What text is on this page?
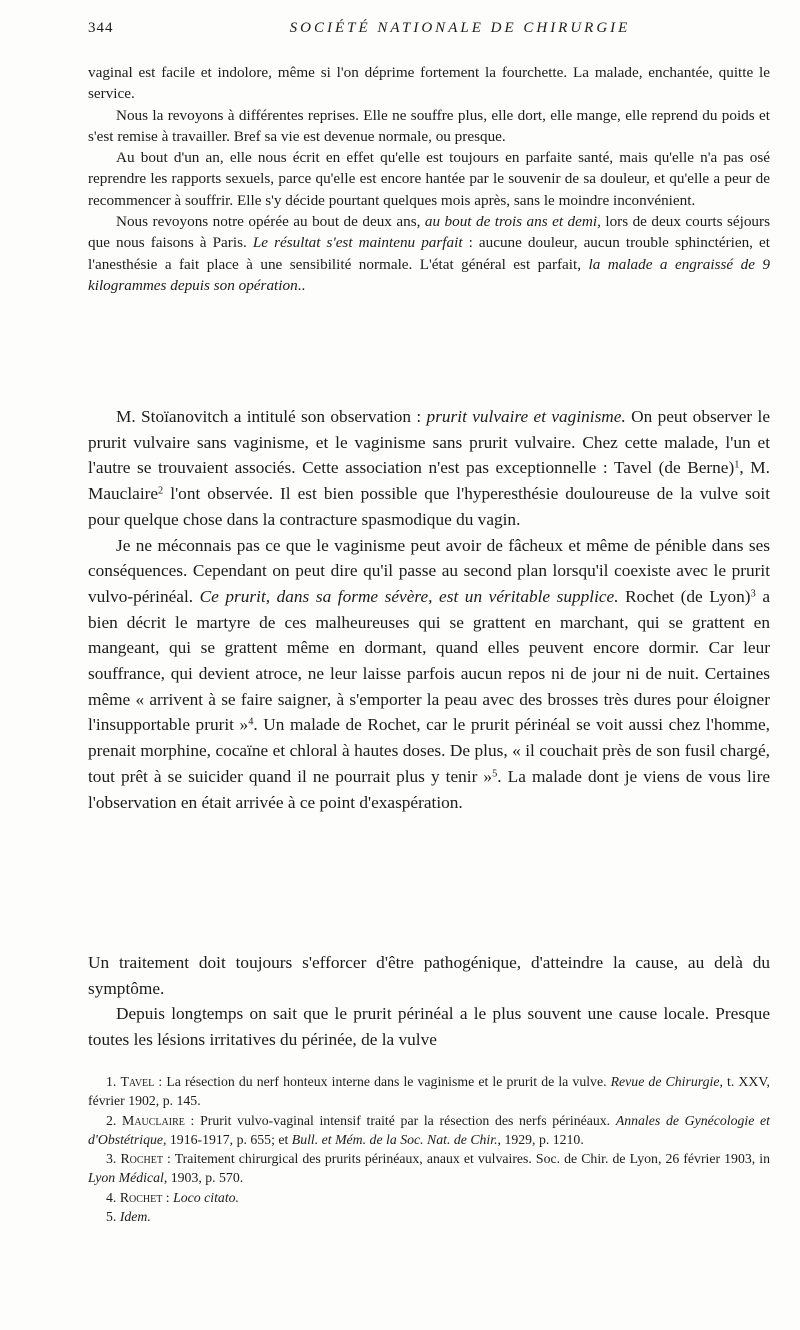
344	SOCIÉTÉ NATIONALE DE CHIRURGIE

vaginal est facile et indolore, même si l'on déprime fortement la fourchette. La malade, enchantée, quitte le service.

Nous la revoyons à différentes reprises. Elle ne souffre plus, elle dort, elle mange, elle reprend du poids et s'est remise à travailler. Bref sa vie est devenue normale, ou presque.

Au bout d'un an, elle nous écrit en effet qu'elle est toujours en parfaite santé, mais qu'elle n'a pas osé reprendre les rapports sexuels, parce qu'elle est encore hantée par le souvenir de sa douleur, et qu'elle a peur de recommencer à souffrir. Elle s'y décide pourtant quelques mois après, sans le moindre inconvénient.

Nous revoyons notre opérée au bout de deux ans, au bout de trois ans et demi, lors de deux courts séjours que nous faisons à Paris. Le résultat s'est maintenu parfait : aucune douleur, aucun trouble sphinctérien, et l'anesthésie a fait place à une sensibilité normale. L'état général est parfait, la malade a engraissé de 9 kilogrammes depuis son opération..

M. Stoïanovitch a intitulé son observation : prurit vulvaire et vaginisme. On peut observer le prurit vulvaire sans vaginisme, et le vaginisme sans prurit vulvaire. Chez cette malade, l'un et l'autre se trouvaient associés. Cette association n'est pas exceptionnelle : Tavel (de Berne)$^1$, M. Mauclaire$^2$ l'ont observée. Il est bien possible que l'hyperesthésie douloureuse de la vulve soit pour quelque chose dans la contracture spasmodique du vagin.

Je ne méconnais pas ce que le vaginisme peut avoir de fâcheux et même de pénible dans ses conséquences. Cependant on peut dire qu'il passe au second plan lorsqu'il coexiste avec le prurit vulvo-périnéal. Ce prurit, dans sa forme sévère, est un véritable supplice. Rochet (de Lyon)$^3$ a bien décrit le martyre de ces malheureuses qui se grattent en marchant, qui se grattent en mangeant, qui se grattent même en dormant, quand elles peuvent encore dormir. Car leur souffrance, qui devient atroce, ne leur laisse parfois aucun repos ni de jour ni de nuit. Certaines même « arrivent à se faire saigner, à s'emporter la peau avec des brosses très dures pour éloigner l'insupportable prurit »$^4$. Un malade de Rochet, car le prurit périnéal se voit aussi chez l'homme, prenait morphine, cocaïne et chloral à hautes doses. De plus, « il couchait près de son fusil chargé, tout prêt à se suicider quand il ne pourrait plus y tenir »$^5$. La malade dont je viens de vous lire l'observation en était arrivée à ce point d'exaspération.

Un traitement doit toujours s'efforcer d'être pathogénique, d'atteindre la cause, au delà du symptôme.

Depuis longtemps on sait que le prurit périnéal a le plus souvent une cause locale. Presque toutes les lésions irritatives du périnée, de la vulve

1. Tavel : La résection du nerf honteux interne dans le vaginisme et le prurit de la vulve. Revue de Chirurgie, t. XXV, février 1902, p. 145.

2. Mauclaire : Prurit vulvo-vaginal intensif traité par la résection des nerfs périnéaux. Annales de Gynécologie et d'Obstétrique, 1916-1917, p. 655; et Bull. et Mém. de la Soc. Nat. de Chir., 1929, p. 1210.

3. Rochet : Traitement chirurgical des prurits périnéaux, anaux et vulvaires. Soc. de Chir. de Lyon, 26 février 1903, in Lyon Médical, 1903, p. 570.

4. Rochet : Loco citato.

5. Idem.
